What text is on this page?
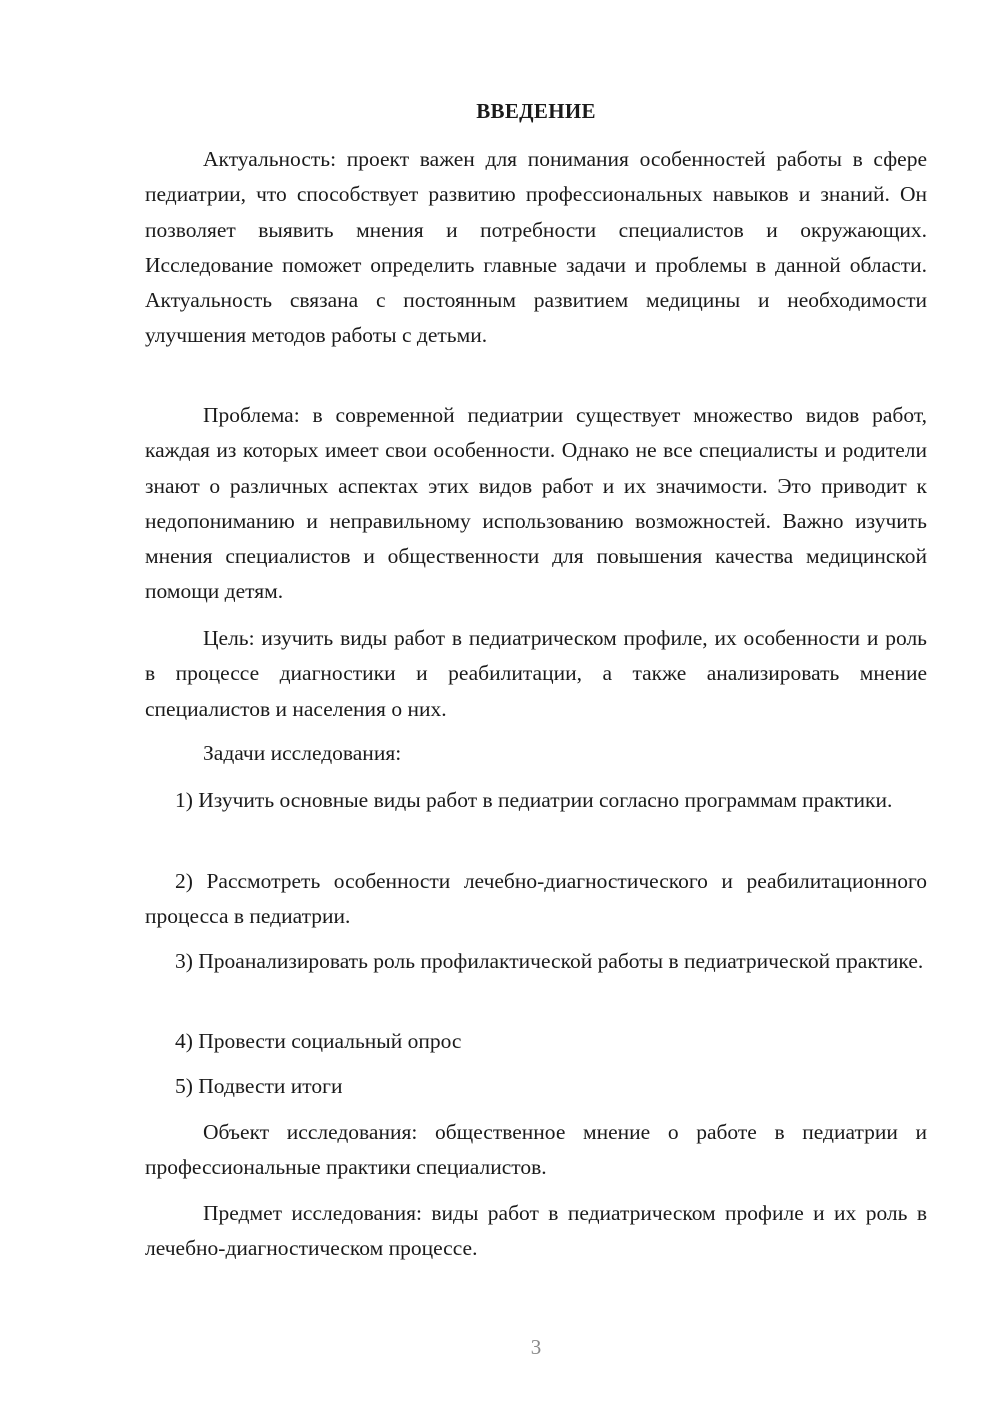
ВВЕДЕНИЕ

Актуальность: проект важен для понимания особенностей работы в сфере педиатрии, что способствует развитию профессиональных навыков и знаний. Он позволяет выявить мнения и потребности специалистов и окружающих. Исследование поможет определить главные задачи и проблемы в данной области. Актуальность связана с постоянным развитием медицины и необходимости улучшения методов работы с детьми.

Проблема: в современной педиатрии существует множество видов работ, каждая из которых имеет свои особенности. Однако не все специалисты и родители знают о различных аспектах этих видов работ и их значимости. Это приводит к недопониманию и неправильному использованию возможностей. Важно изучить мнения специалистов и общественности для повышения качества медицинской помощи детям.

Цель: изучить виды работ в педиатрическом профиле, их особенности и роль в процессе диагностики и реабилитации, а также анализировать мнение специалистов и населения о них.

Задачи исследования:

1) Изучить основные виды работ в педиатрии согласно программам практики.

2) Рассмотреть особенности лечебно-диагностического и реабилитационного процесса в педиатрии.

3) Проанализировать роль профилактической работы в педиатрической практике.

4) Провести социальный опрос

5) Подвести итоги

Объект исследования: общественное мнение о работе в педиатрии и профессиональные практики специалистов.

Предмет исследования: виды работ в педиатрическом профиле и их роль в лечебно-диагностическом процессе.

3
